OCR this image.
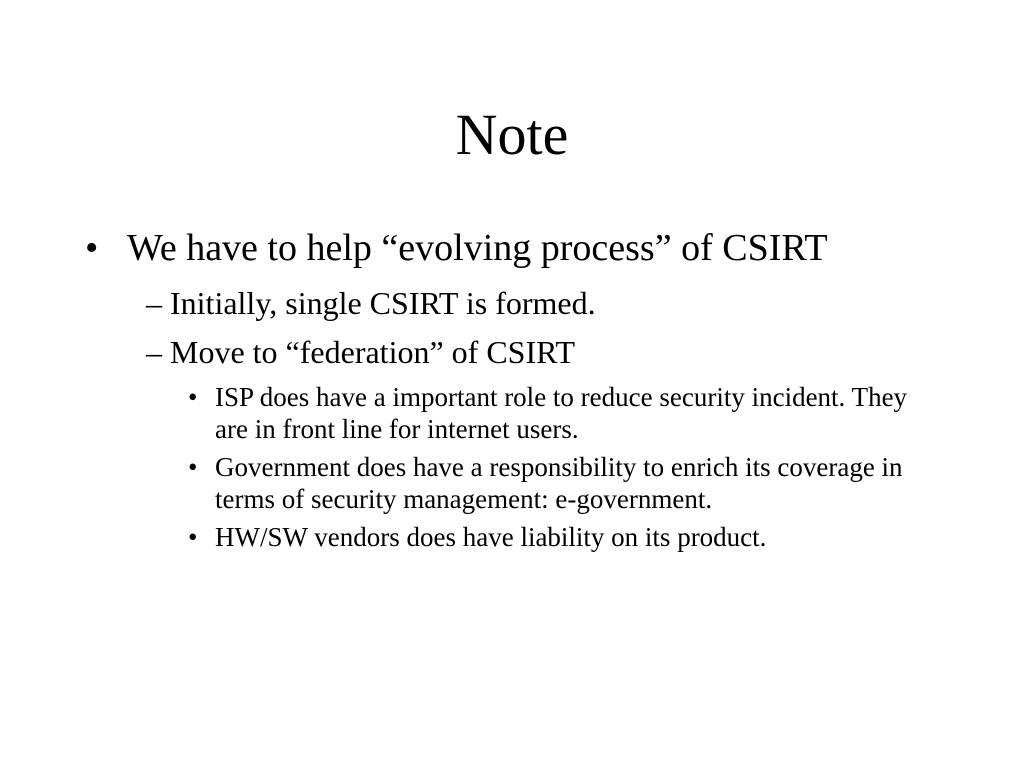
Note
• We have to help “evolving process” of CSIRT
– Initially, single CSIRT is formed.
– Move to “federation” of CSIRT
• ISP does have a important role to reduce security incident. They are in front line for internet users.
• Government does have a responsibility to enrich its coverage in terms of security management: e-government.
• HW/SW vendors does have liability on its product.
